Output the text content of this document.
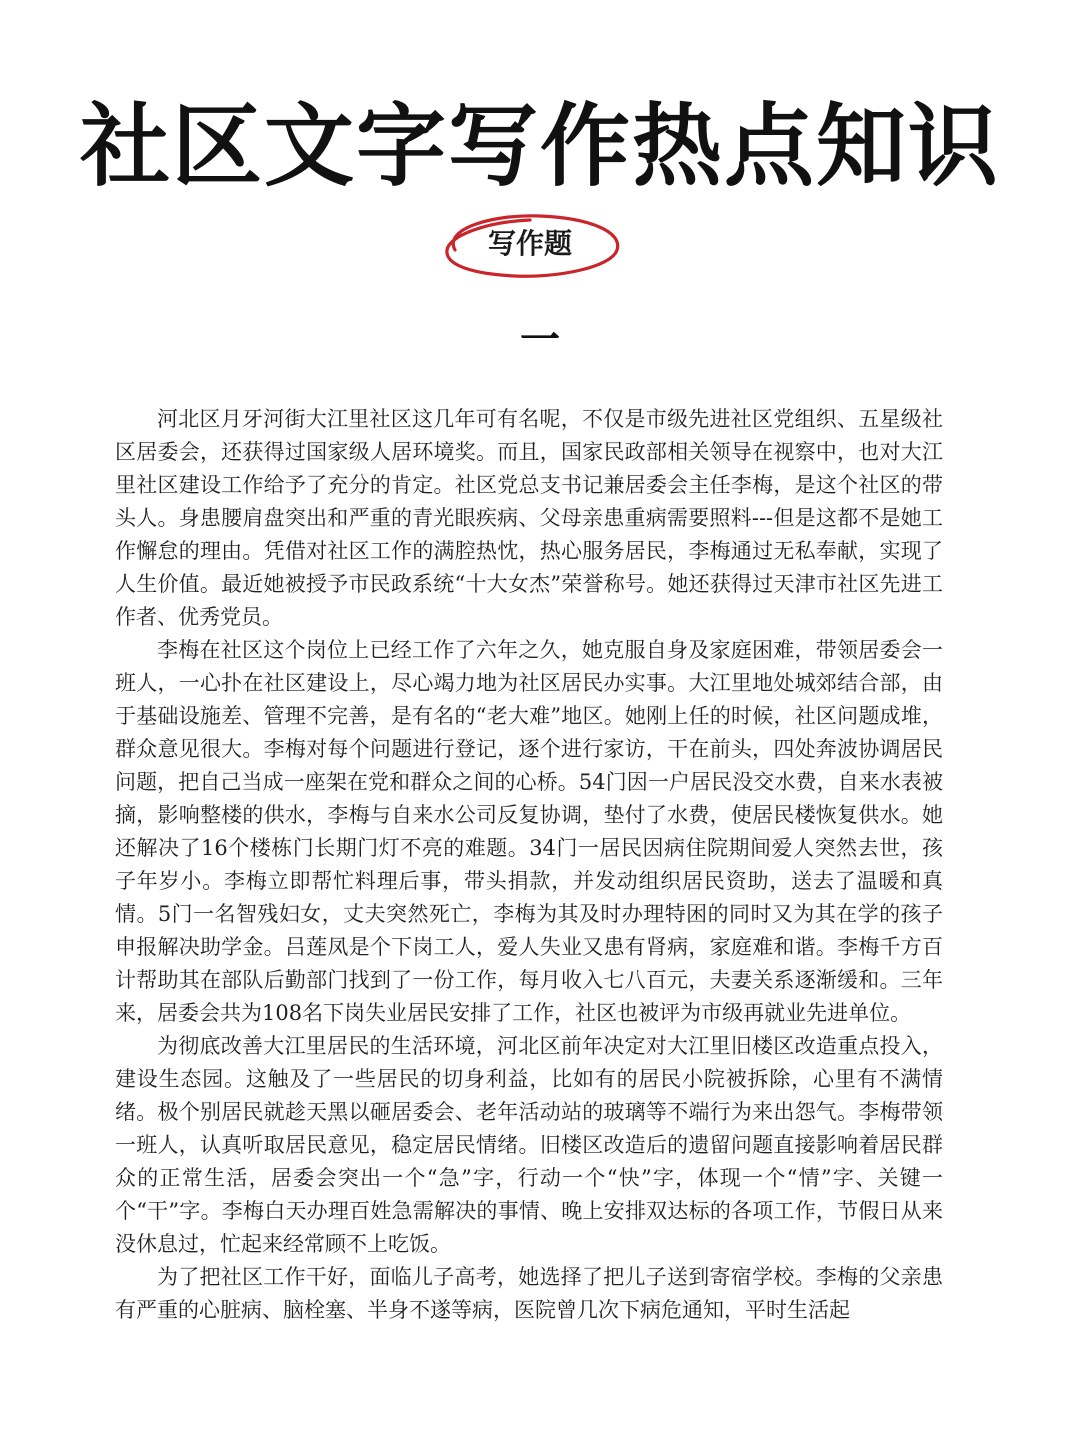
社区文字写作热点知识
写作题
一

河北区月牙河街大江里社区这几年可有名呢，不仅是市级先进社区党组织、五星级社区居委会，还获得过国家级人居环境奖。而且，国家民政部相关领导在视察中，也对大江里社区建设工作给予了充分的肯定。社区党总支书记兼居委会主任李梅，是这个社区的带头人。身患腰肩盘突出和严重的青光眼疾病、父母亲患重病需要照料---但是这都不是她工作懈怠的理由。凭借对社区工作的满腔热忱，热心服务居民，李梅通过无私奉献，实现了人生价值。最近她被授予市民政系统“十大女杰”荣誉称号。她还获得过天津市社区先进工作者、优秀党员。

李梅在社区这个岗位上已经工作了六年之久，她克服自身及家庭困难，带领居委会一班人，一心扑在社区建设上，尽心竭力地为社区居民办实事。大江里地处城郊结合部，由于基础设施差、管理不完善，是有名的“老大难”地区。她刚上任的时候，社区问题成堆，群众意见很大。李梅对每个问题进行登记，逐个进行家访，干在前头，四处奔波协调居民问题，把自己当成一座架在党和群众之间的心桥。54门因一户居民没交水费，自来水表被摘，影响整楼的供水，李梅与自来水公司反复协调，垫付了水费，使居民楼恢复供水。她还解决了16个楼栋门长期门灯不亮的难题。34门一居民因病住院期间爱人突然去世，孩子年岁小。李梅立即帮忙料理后事，带头捐款，并发动组织居民资助，送去了温暖和真情。5门一名智残妇女，丈夫突然死亡，李梅为其及时办理特困的同时又为其在学的孩子申报解决助学金。吕莲凤是个下岗工人，爱人失业又患有肾病，家庭难和谐。李梅千方百计帮助其在部队后勤部门找到了一份工作，每月收入七八百元，夫妻关系逐渐缓和。三年来，居委会共为108名下岗失业居民安排了工作，社区也被评为市级再就业先进单位。

为彻底改善大江里居民的生活环境，河北区前年决定对大江里旧楼区改造重点投入，建设生态园。这触及了一些居民的切身利益，比如有的居民小院被拆除，心里有不满情绪。极个别居民就趁天黑以砸居委会、老年活动站的玻璃等不端行为来出怨气。李梅带领一班人，认真听取居民意见，稳定居民情绪。旧楼区改造后的遗留问题直接影响着居民群众的正常生活，居委会突出一个“急”字，行动一个“快”字，体现一个“情”字、关键一个“干”字。李梅白天办理百姓急需解决的事情、晚上安排双达标的各项工作，节假日从来没休息过，忙起来经常顾不上吃饭。

为了把社区工作干好，面临儿子高考，她选择了把儿子送到寄宿学校。李梅的父亲患有严重的心脏病、脑栓塞、半身不遂等病，医院曾几次下病危通知，平时生活起
